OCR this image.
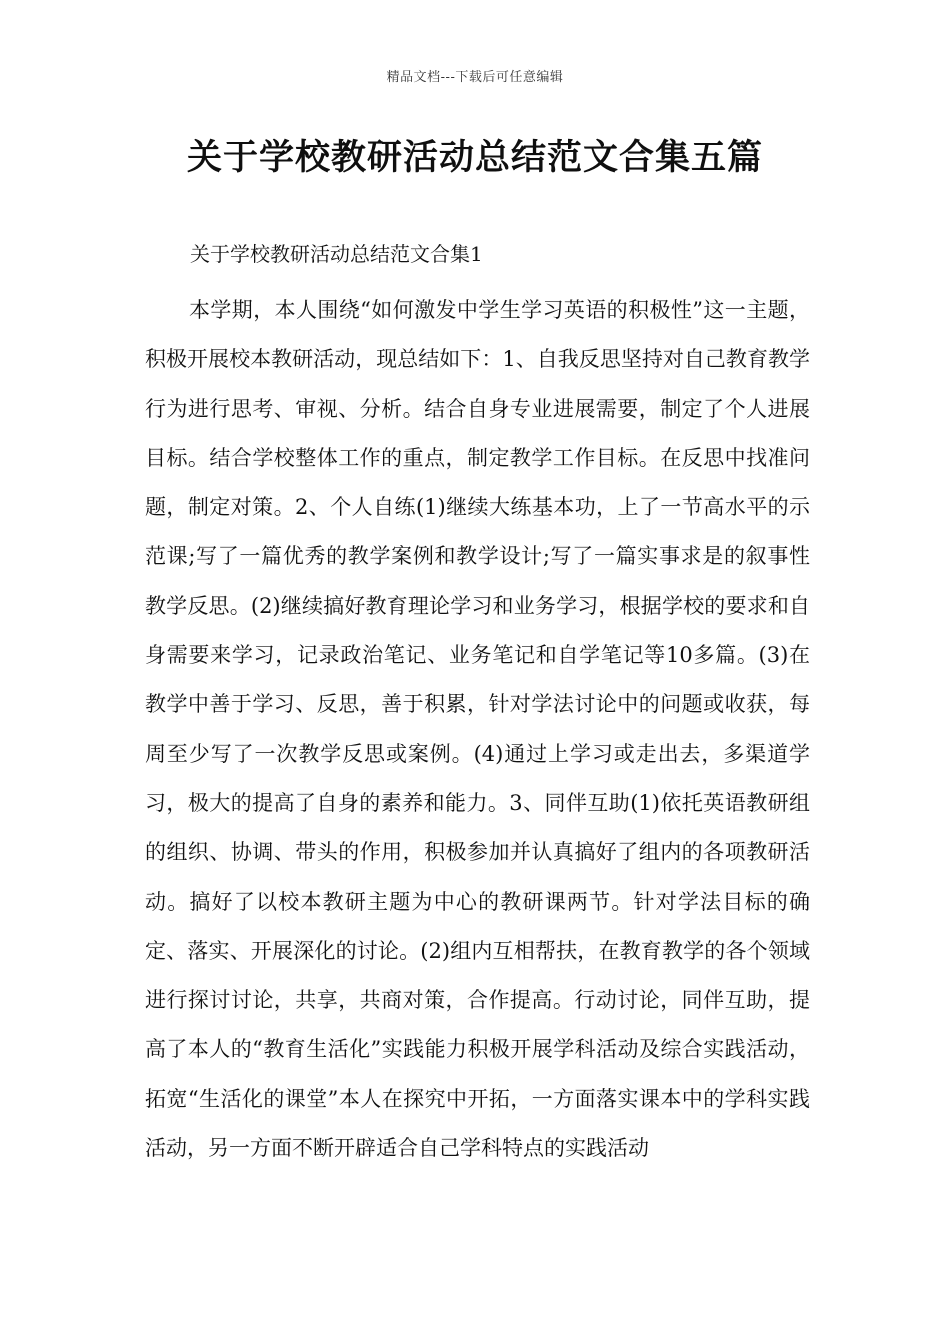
精品文档---下载后可任意编辑
关于学校教研活动总结范文合集五篇
关于学校教研活动总结范文合集1

本学期，本人围绕“如何激发中学生学习英语的积极性”这一主题，积极开展校本教研活动，现总结如下：1、自我反思坚持对自己教育教学行为进行思考、审视、分析。结合自身专业进展需要，制定了个人进展目标。结合学校整体工作的重点，制定教学工作目标。在反思中找准问题，制定对策。2、个人自练(1)继续大练基本功，上了一节高水平的示范课;写了一篇优秀的教学案例和教学设计;写了一篇实事求是的叙事性教学反思。(2)继续搞好教育理论学习和业务学习，根据学校的要求和自身需要来学习，记录政治笔记、业务笔记和自学笔记等10多篇。(3)在教学中善于学习、反思，善于积累，针对学法讨论中的问题或收获，每周至少写了一次教学反思或案例。(4)通过上学习或走出去，多渠道学习，极大的提高了自身的素养和能力。3、同伴互助(1)依托英语教研组的组织、协调、带头的作用，积极参加并认真搞好了组内的各项教研活动。搞好了以校本教研主题为中心的教研课两节。针对学法目标的确定、落实、开展深化的讨论。(2)组内互相帮扶，在教育教学的各个领域进行探讨讨论，共享，共商对策，合作提高。行动讨论，同伴互助，提高了本人的“教育生活化”实践能力积极开展学科活动及综合实践活动，拓宽“生活化的课堂”本人在探究中开拓，一方面落实课本中的学科实践活动，另一方面不断开辟适合自己学科特点的实践活动
